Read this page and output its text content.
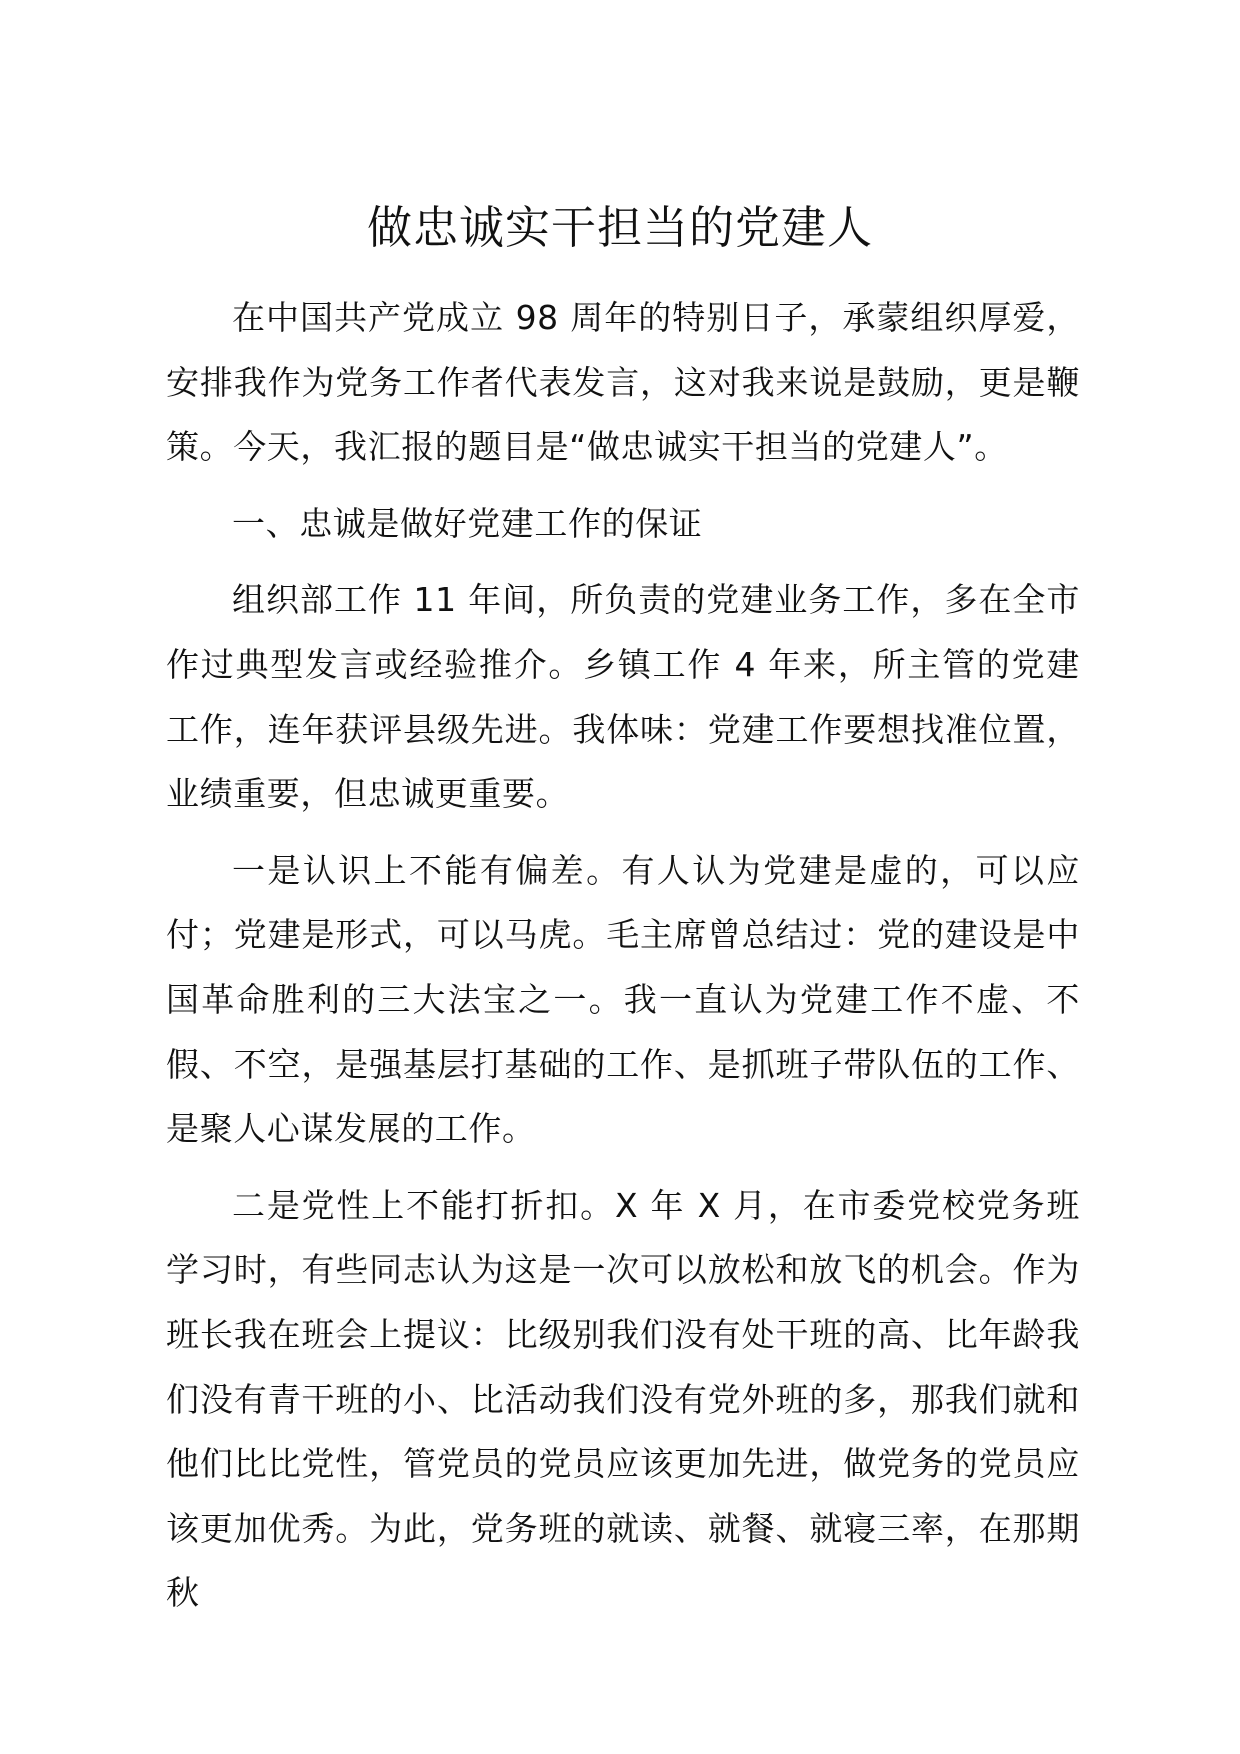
做忠诚实干担当的党建人

在中国共产党成立 98 周年的特别日子，承蒙组织厚爱，安排我作为党务工作者代表发言，这对我来说是鼓励，更是鞭策。今天，我汇报的题目是“做忠诚实干担当的党建人”。

一、忠诚是做好党建工作的保证

组织部工作 11 年间，所负责的党建业务工作，多在全市作过典型发言或经验推介。乡镇工作 4 年来，所主管的党建工作，连年获评县级先进。我体味：党建工作要想找准位置，业绩重要，但忠诚更重要。

一是认识上不能有偏差。有人认为党建是虚的，可以应付；党建是形式，可以马虎。毛主席曾总结过：党的建设是中国革命胜利的三大法宝之一。我一直认为党建工作不虚、不假、不空，是强基层打基础的工作、是抓班子带队伍的工作、是聚人心谋发展的工作。

二是党性上不能打折扣。X 年 X 月，在市委党校党务班学习时，有些同志认为这是一次可以放松和放飞的机会。作为班长我在班会上提议：比级别我们没有处干班的高、比年龄我们没有青干班的小、比活动我们没有党外班的多，那我们就和他们比比党性，管党员的党员应该更加先进，做党务的党员应该更加优秀。为此，党务班的就读、就餐、就寝三率，在那期秋
